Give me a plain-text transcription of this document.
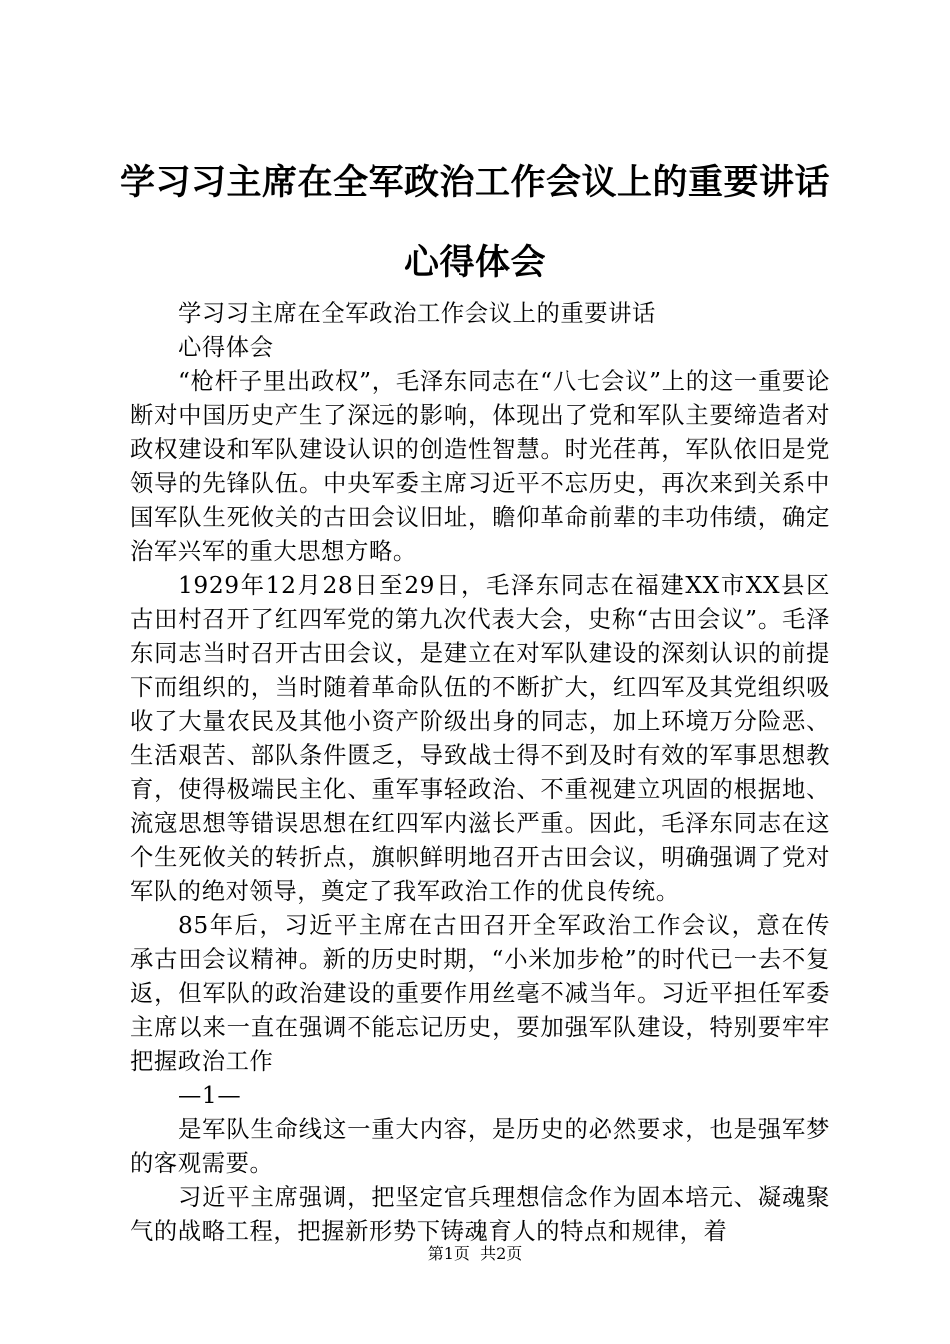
学习习主席在全军政治工作会议上的重要讲话
心得体会

学习习主席在全军政治工作会议上的重要讲话

心得体会

“枪杆子里出政权”，毛泽东同志在“八七会议”上的这一重要论断对中国历史产生了深远的影响，体现出了党和军队主要缔造者对政权建设和军队建设认识的创造性智慧。时光荏苒，军队依旧是党领导的先锋队伍。中央军委主席习近平不忘历史，再次来到关系中国军队生死攸关的古田会议旧址，瞻仰革命前辈的丰功伟绩，确定治军兴军的重大思想方略。

1929年12月28日至29日，毛泽东同志在福建XX市XX县区古田村召开了红四军党的第九次代表大会，史称“古田会议”。毛泽东同志当时召开古田会议，是建立在对军队建设的深刻认识的前提下而组织的，当时随着革命队伍的不断扩大，红四军及其党组织吸收了大量农民及其他小资产阶级出身的同志，加上环境万分险恶、生活艰苦、部队条件匮乏，导致战士得不到及时有效的军事思想教育，使得极端民主化、重军事轻政治、不重视建立巩固的根据地、流寇思想等错误思想在红四军内滋长严重。因此，毛泽东同志在这个生死攸关的转折点，旗帜鲜明地召开古田会议，明确强调了党对军队的绝对领导，奠定了我军政治工作的优良传统。

85年后，习近平主席在古田召开全军政治工作会议，意在传承古田会议精神。新的历史时期，“小米加步枪”的时代已一去不复返，但军队的政治建设的重要作用丝毫不减当年。习近平担任军委主席以来一直在强调不能忘记历史，要加强军队建设，特别要牢牢把握政治工作

—1—

是军队生命线这一重大内容，是历史的必然要求，也是强军梦的客观需要。

习近平主席强调，把坚定官兵理想信念作为固本培元、凝魂聚气的战略工程，把握新形势下铸魂育人的特点和规律，着

第1页  共2页
